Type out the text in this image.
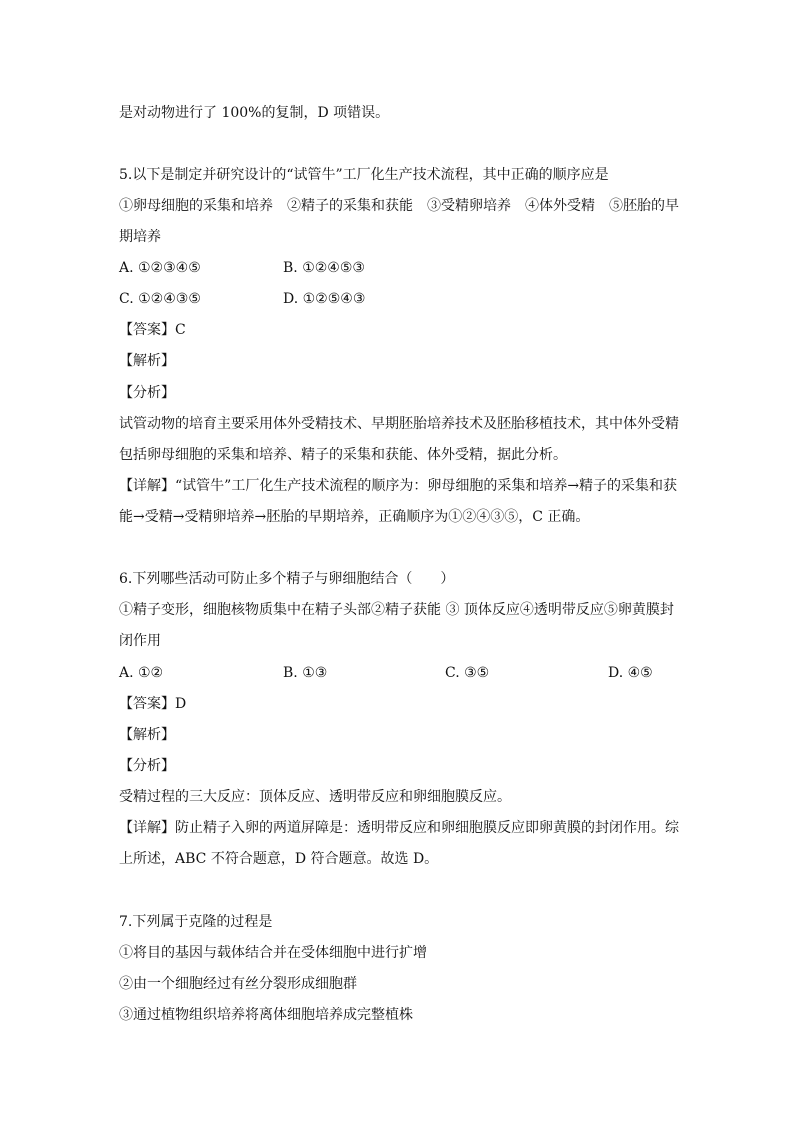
是对动物进行了 100%的复制，D 项错误。
5.以下是制定并研究设计的“试管牛”工厂化生产技术流程，其中正确的顺序应是
①卵母细胞的采集和培养　②精子的采集和获能　③受精卵培养　④体外受精　⑤胚胎的早
期培养
A. ①②③④⑤	B. ①②④⑤③
C. ①②④③⑤	D. ①②⑤④③
【答案】C
【解析】
【分析】
试管动物的培育主要采用体外受精技术、早期胚胎培养技术及胚胎移植技术，其中体外受精
包括卵母细胞的采集和培养、精子的采集和获能、体外受精，据此分析。
【详解】“试管牛”工厂化生产技术流程的顺序为：卵母细胞的采集和培养→精子的采集和获
能→受精→受精卵培养→胚胎的早期培养，正确顺序为①②④③⑤，C 正确。
6.下列哪些活动可防止多个精子与卵细胞结合（　　）
①精子变形，细胞核物质集中在精子头部②精子获能 ③ 顶体反应④透明带反应⑤卵黄膜封
闭作用
A. ①②	B. ①③	C. ③⑤	D. ④⑤
【答案】D
【解析】
【分析】
受精过程的三大反应：顶体反应、透明带反应和卵细胞膜反应。
【详解】防止精子入卵的两道屏障是：透明带反应和卵细胞膜反应即卵黄膜的封闭作用。综
上所述，ABC 不符合题意，D 符合题意。故选 D。
7.下列属于克隆的过程是
①将目的基因与载体结合并在受体细胞中进行扩增
②由一个细胞经过有丝分裂形成细胞群
③通过植物组织培养将离体细胞培养成完整植株
